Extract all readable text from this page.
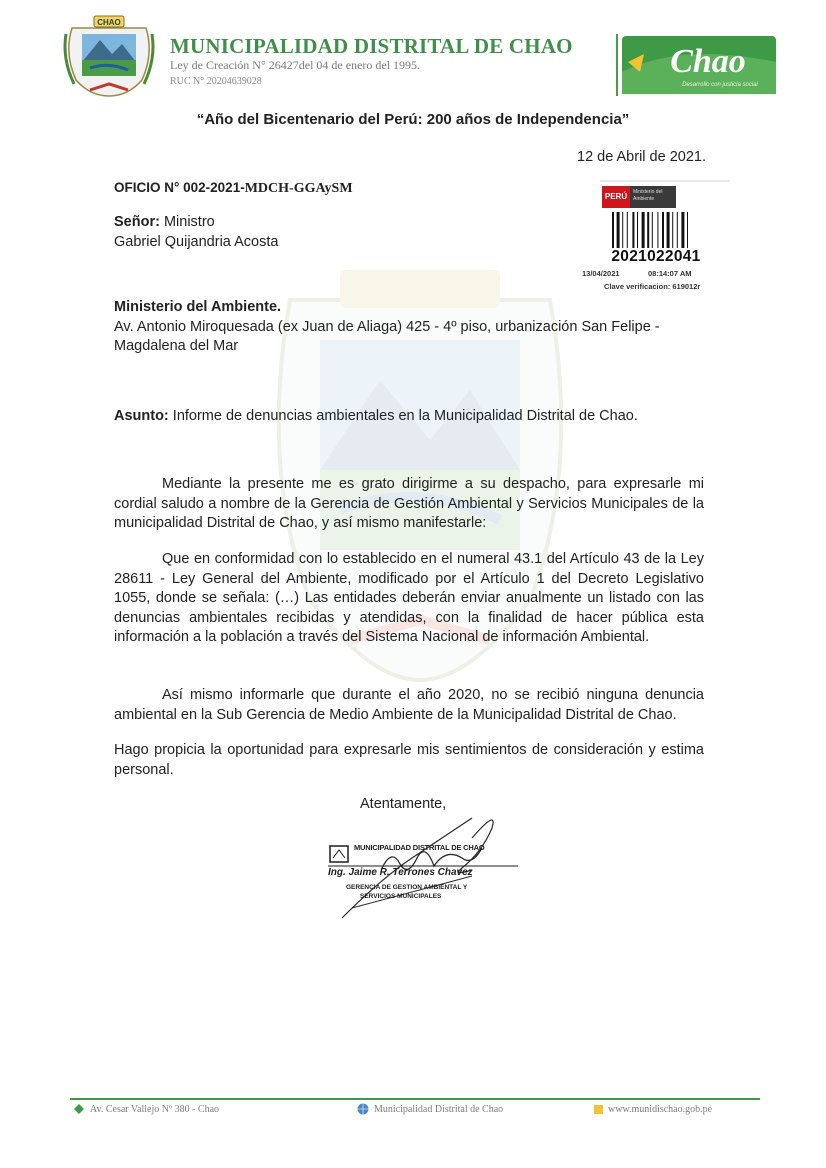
CHAO
MUNICIPALIDAD DISTRITAL DE CHAO
Ley de Creación N° 26427del 04 de enero del 1995.
RUC N° 20204639028
Chao
Desarrollo con justicia social
“Año del Bicentenario del Perú: 200 años de Independencia”
12 de Abril de 2021.
OFICIO N° 002-2021-MDCH-GGAySM
PERÚ	Ministerio del Ambiente
2021022041
13/04/2021	08:14:07 AM
Clave verificacion: 619012r
Señor: Ministro
Gabriel Quijandria Acosta
Ministerio del Ambiente.
Av. Antonio Miroquesada (ex Juan de Aliaga) 425 - 4º piso, urbanización San Felipe - Magdalena del Mar
Asunto: Informe de denuncias ambientales en la Municipalidad Distrital de Chao.
Mediante la presente me es grato dirigirme a su despacho, para expresarle mi cordial saludo a nombre de la Gerencia de Gestión Ambiental y Servicios Municipales de la municipalidad Distrital de Chao, y así mismo manifestarle:
Que en conformidad con lo establecido en el numeral 43.1 del Artículo 43 de la Ley 28611 - Ley General del Ambiente, modificado por el Artículo 1 del Decreto Legislativo 1055, donde se señala: (…) Las entidades deberán enviar anualmente un listado con las denuncias ambientales recibidas y atendidas, con la finalidad de hacer pública esta información a la población a través del Sistema Nacional de información Ambiental.
Así mismo informarle que durante el año 2020, no se recibió ninguna denuncia ambiental en la Sub Gerencia de Medio Ambiente de la Municipalidad Distrital de Chao.
Hago propicia la oportunidad para expresarle mis sentimientos de consideración y estima personal.
Atentamente,
MUNICIPALIDAD DISTRITAL DE CHAO
Ing. Jaime R. Terrones Chavez
GERENCIA DE GESTION AMBIENTAL Y
SERVICIOS MUNICIPALES
Av. Cesar Vallejo Nº 380 - Chao	Municipalidad Distrital de Chao	www.munidischao.gob.pe
